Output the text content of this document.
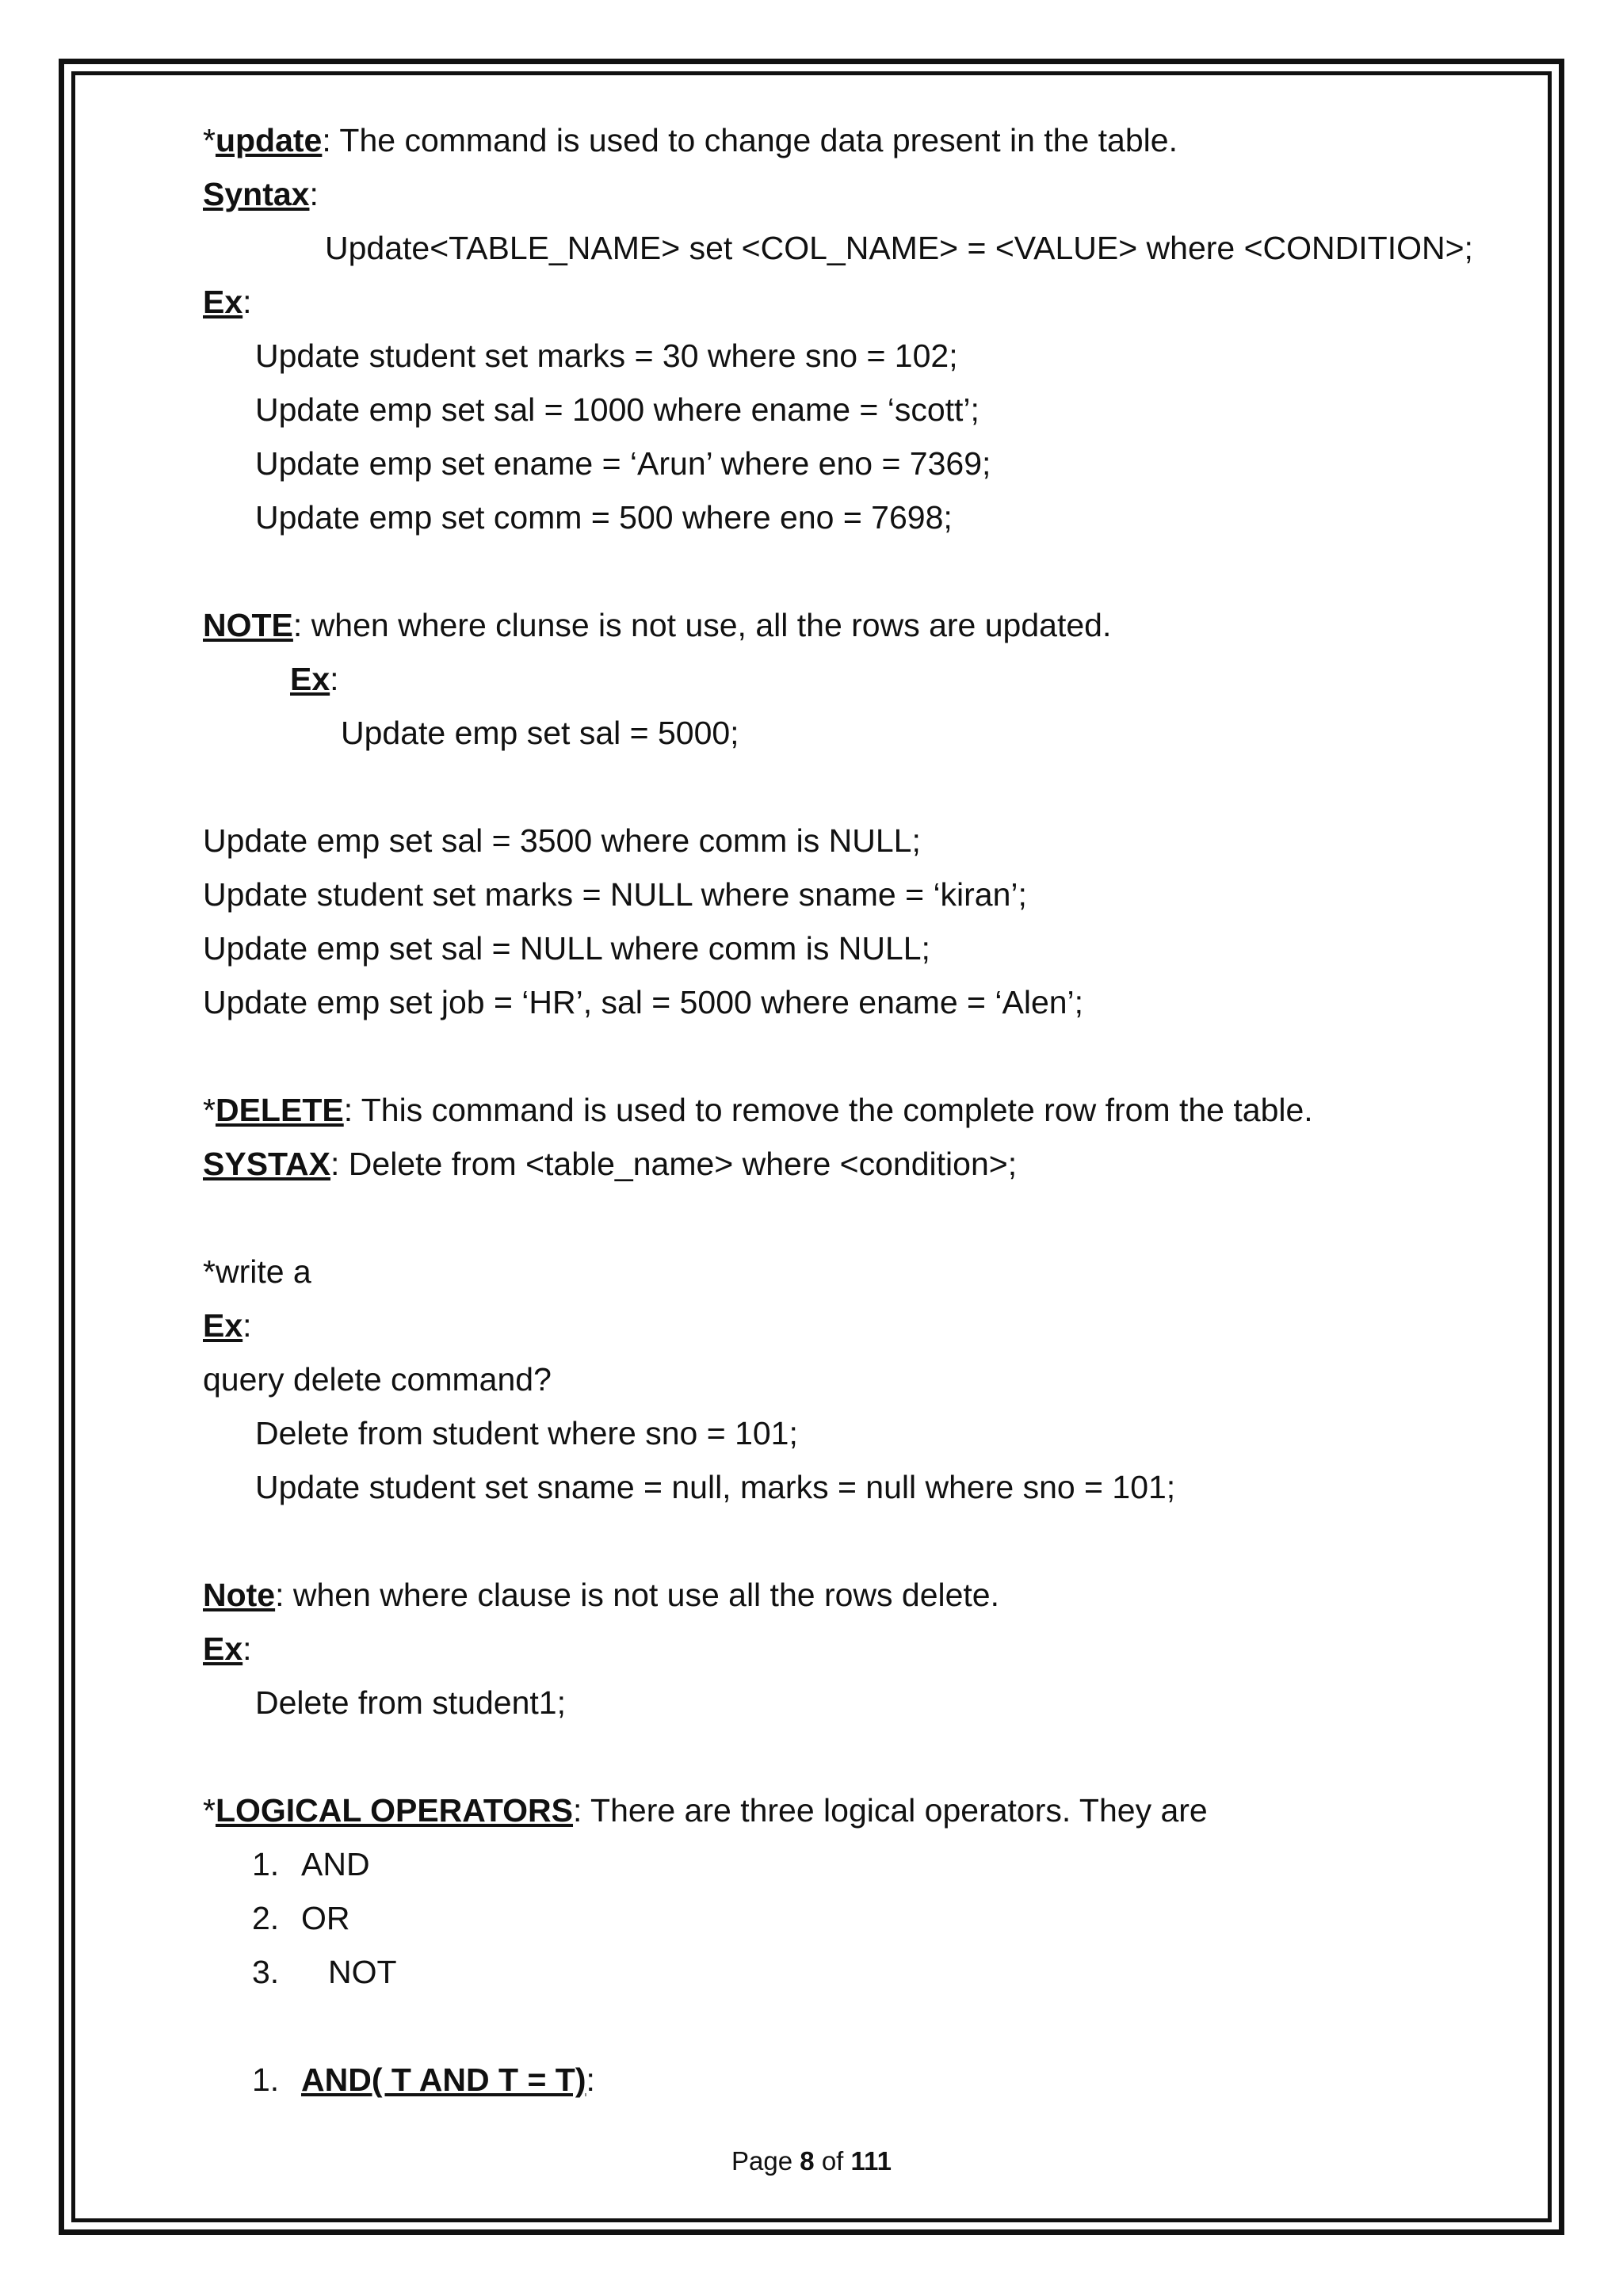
*update: The command is used to change data present in the table.

Syntax:

Update<TABLE_NAME> set <COL_NAME> = <VALUE> where <CONDITION>;

Ex:

Update student set marks = 30 where sno = 102;

Update emp set sal = 1000 where ename = ‘scott’;

Update emp set ename = ‘Arun’ where eno = 7369;

Update emp set comm = 500 where eno = 7698;

NOTE: when where clunse is not use, all the rows are updated.

Ex:

Update emp set sal = 5000;

Update emp set sal = 3500 where comm is NULL;

Update student set marks = NULL where sname = ‘kiran’;

Update emp set sal = NULL where comm is NULL;

Update emp set job = ‘HR’, sal = 5000 where ename = ‘Alen’;

*DELETE: This command is used to remove the complete row from the table.

SYSTAX: Delete from <table_name> where <condition>;

*write a

Ex:

query delete command?

Delete from student where sno = 101;

Update student set sname = null, marks = null where sno = 101;

Note: when where clause is not use all the rows delete.

Ex:

Delete from student1;

*LOGICAL OPERATORS: There are three logical operators. They are

1. AND

2. OR

3. NOT

1. AND( T AND T = T):

Page 8 of 111
